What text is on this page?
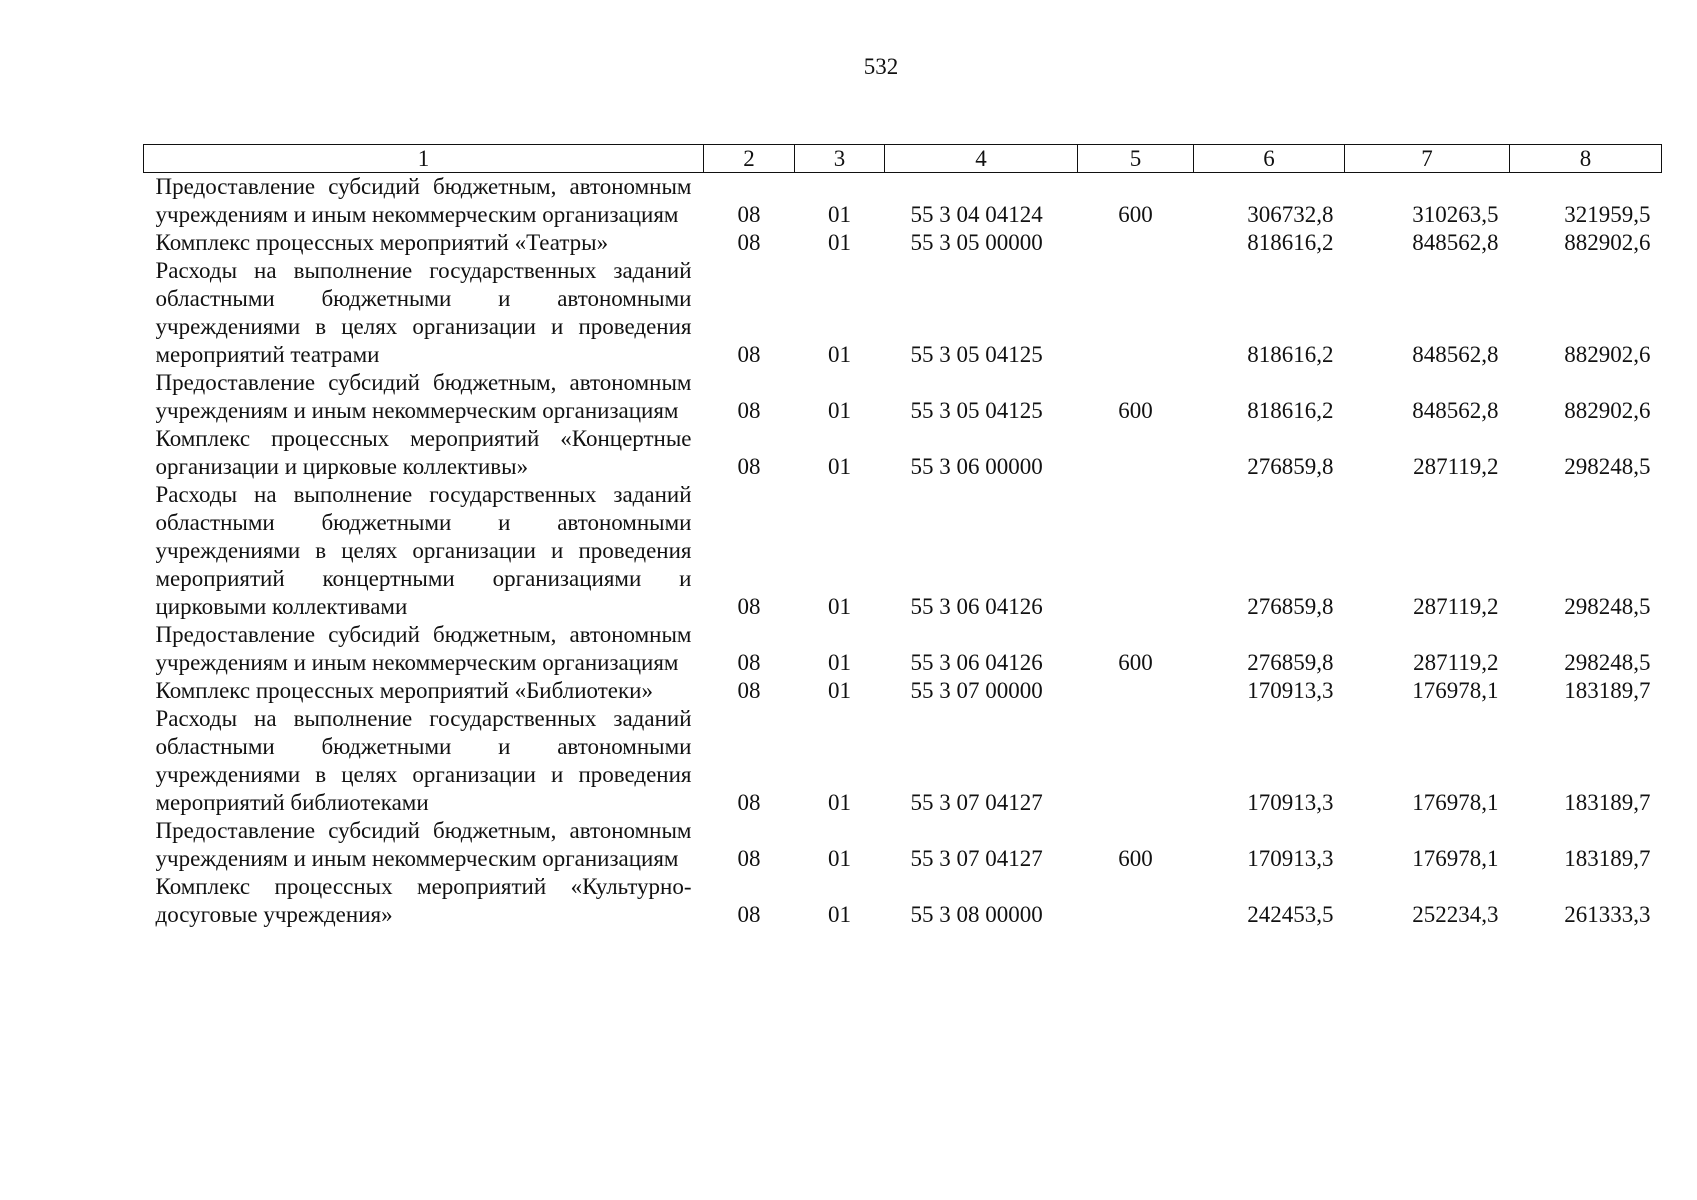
532
1	2	3	4	5	6	7	8
Предоставление субсидий бюджетным, автономным учреждениям и иным некоммерческим организациям	08	01	55 3 04 04124	600	306732,8	310263,5	321959,5
Комплекс процессных мероприятий «Театры»	08	01	55 3 05 00000		818616,2	848562,8	882902,6
Расходы на выполнение государственных заданий областными бюджетными и автономными учреждениями в целях организации и проведения мероприятий театрами	08	01	55 3 05 04125		818616,2	848562,8	882902,6
Предоставление субсидий бюджетным, автономным учреждениям и иным некоммерческим организациям	08	01	55 3 05 04125	600	818616,2	848562,8	882902,6
Комплекс процессных мероприятий «Концертные организации и цирковые коллективы»	08	01	55 3 06 00000		276859,8	287119,2	298248,5
Расходы на выполнение государственных заданий областными бюджетными и автономными учреждениями в целях организации и проведения мероприятий концертными организациями и цирковыми коллективами	08	01	55 3 06 04126		276859,8	287119,2	298248,5
Предоставление субсидий бюджетным, автономным учреждениям и иным некоммерческим организациям	08	01	55 3 06 04126	600	276859,8	287119,2	298248,5
Комплекс процессных мероприятий «Библиотеки»	08	01	55 3 07 00000		170913,3	176978,1	183189,7
Расходы на выполнение государственных заданий областными бюджетными и автономными учреждениями в целях организации и проведения мероприятий библиотеками	08	01	55 3 07 04127		170913,3	176978,1	183189,7
Предоставление субсидий бюджетным, автономным учреждениям и иным некоммерческим организациям	08	01	55 3 07 04127	600	170913,3	176978,1	183189,7
Комплекс процессных мероприятий «Культурно-досуговые учреждения»	08	01	55 3 08 00000		242453,5	252234,3	261333,3
